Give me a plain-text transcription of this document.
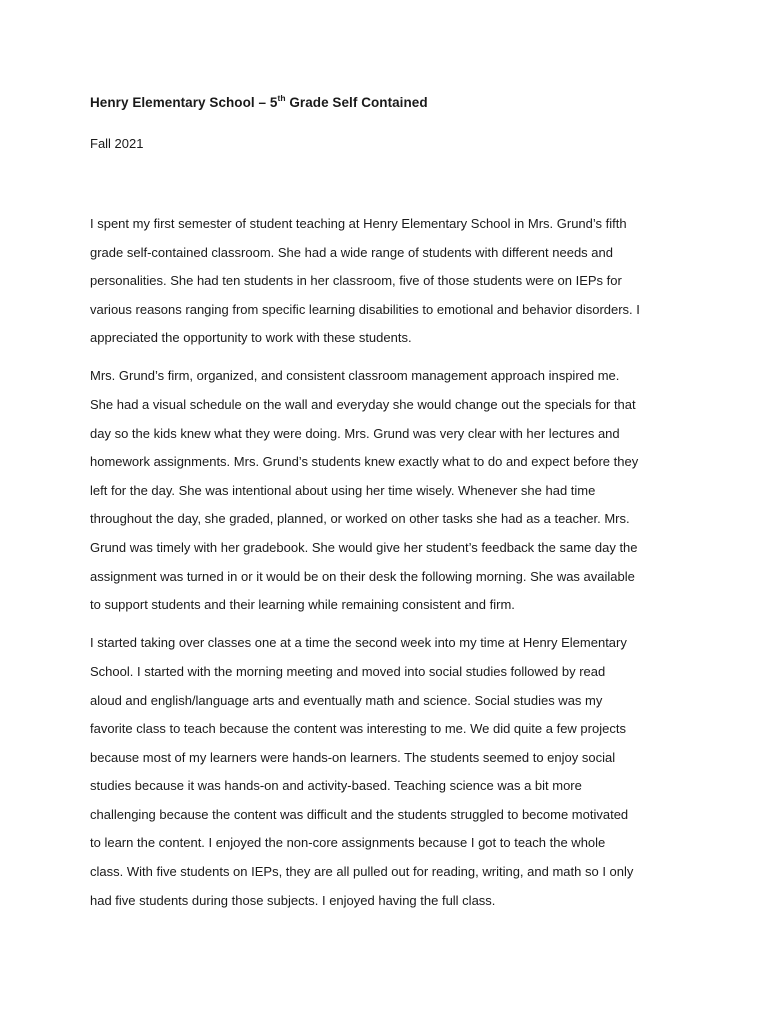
Henry Elementary School – 5th Grade Self Contained

Fall 2021

I spent my first semester of student teaching at Henry Elementary School in Mrs. Grund’s fifth
grade self-contained classroom. She had a wide range of students with different needs and
personalities. She had ten students in her classroom, five of those students were on IEPs for
various reasons ranging from specific learning disabilities to emotional and behavior disorders. I
appreciated the opportunity to work with these students.

Mrs. Grund’s firm, organized, and consistent classroom management approach inspired me.
She had a visual schedule on the wall and everyday she would change out the specials for that
day so the kids knew what they were doing. Mrs. Grund was very clear with her lectures and
homework assignments. Mrs. Grund’s students knew exactly what to do and expect before they
left for the day. She was intentional about using her time wisely. Whenever she had time
throughout the day, she graded, planned, or worked on other tasks she had as a teacher. Mrs.
Grund was timely with her gradebook. She would give her student’s feedback the same day the
assignment was turned in or it would be on their desk the following morning. She was available
to support students and their learning while remaining consistent and firm.

I started taking over classes one at a time the second week into my time at Henry Elementary
School. I started with the morning meeting and moved into social studies followed by read
aloud and english/language arts and eventually math and science. Social studies was my
favorite class to teach because the content was interesting to me. We did quite a few projects
because most of my learners were hands-on learners. The students seemed to enjoy social
studies because it was hands-on and activity-based. Teaching science was a bit more
challenging because the content was difficult and the students struggled to become motivated
to learn the content. I enjoyed the non-core assignments because I got to teach the whole
class. With five students on IEPs, they are all pulled out for reading, writing, and math so I only
had five students during those subjects. I enjoyed having the full class.
